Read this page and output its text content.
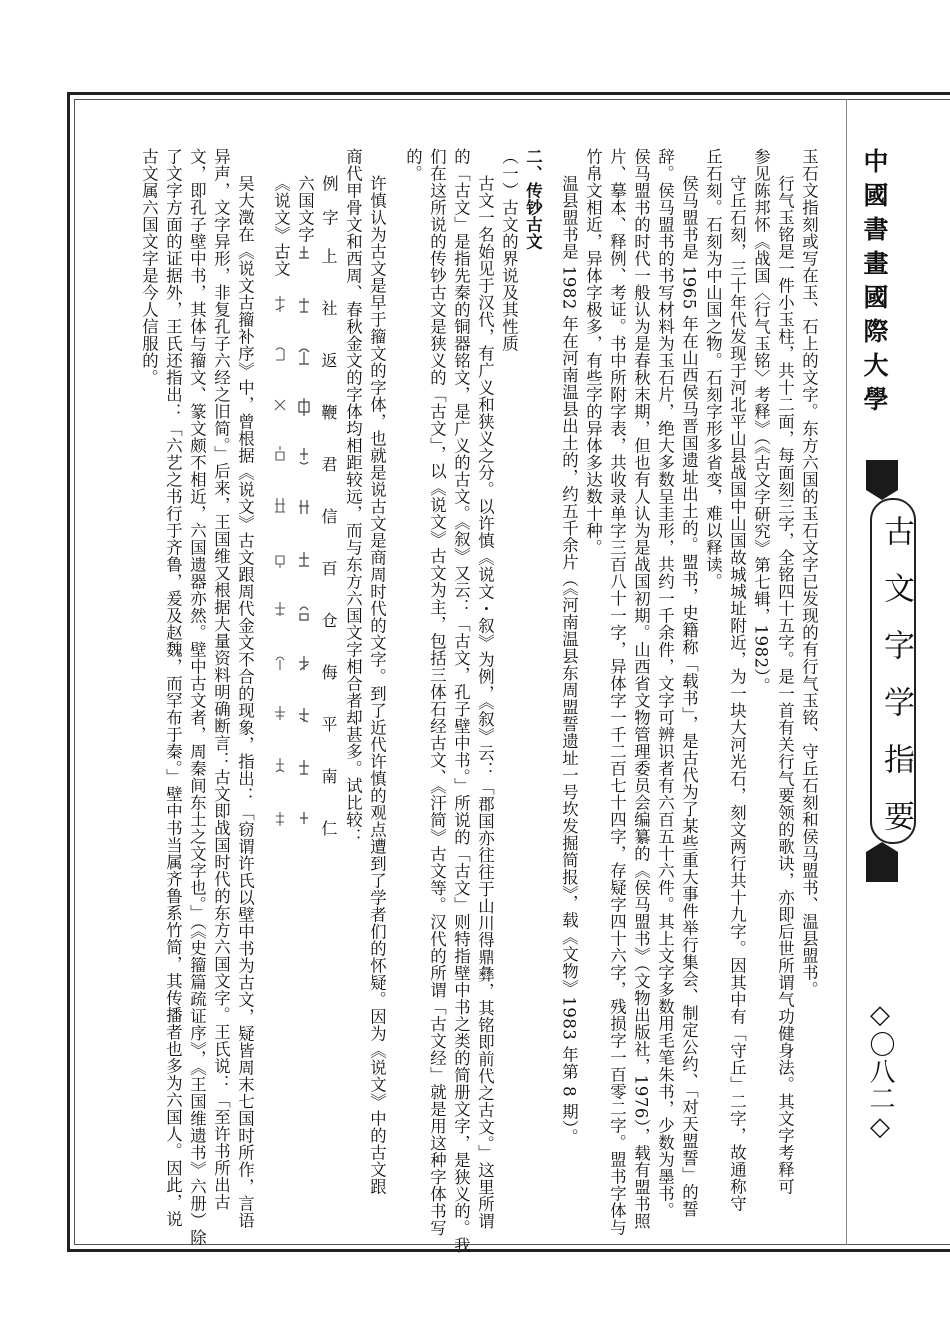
中國書畫國際大學
古文字学指要
◇〇八二◇
玉石文指刻或写在玉、石上的文字。东方六国的玉石文字已发现的有行气玉铭、守丘石刻和侯马盟书、温县盟书。
行气玉铭是一件小玉柱，共十二面，每面刻三字，全铭四十五字。是一首有关行气要领的歌诀，亦即后世所谓气功健身法。其文字考释可
参见陈邦怀《战国〈行气玉铭〉考释》（《古文字研究》第七辑，1982）。
守丘石刻，三十年代发现于河北平山县战国中山国故城城址附近，为一块大河光石，刻文两行共十九字。因其中有「守丘」二字，故通称守
丘石刻。石刻为中山国之物。石刻字形多省变，难以释读。
侯马盟书是 1965 年在山西侯马晋国遗址出土的。盟书，史籍称「载书」，是古代为了某些重大事件举行集会、制定公约、「对天盟誓」的誓
辞。侯马盟书的书写材料为玉石片，绝大多数呈圭形，共约一千余件，文字可辨识者有六百五十六件。其上文字多数用毛笔朱书，少数为墨书。
侯马盟书的时代一般认为是春秋末期，但也有人认为是战国初期。山西省文物管理委员会编纂的《侯马盟书》（文物出版社，1976），载有盟书照
片、摹本、释例、考证。书中所附字表，共收录单字三百八十一字，异体字一千二百七十四字，存疑字四十六字，残损字一百零二字。盟书字体与
竹帛文相近，异体字极多，有些字的异体多达数十种。
温县盟书是 1982 年在河南温县出土的，约五千余片（《河南温县东周盟誓遗址一号坎发掘简报》，载《文物》1983 年第 8 期）。
二、传钞古文
（一）古文的界说及其性质
古文一名始见于汉代，有广义和狭义之分。以许慎《说文・叙》为例，《叙》云：「郡国亦往往于山川得鼎彝，其铭即前代之古文。」这里所谓
的「古文」是指先秦的铜器铭文，是广义的古文。《叙》又云：「古文，孔子壁中书。」所说的「古文」则特指壁中书之类的简册文字，是狭义的。我
们在这所说的传钞古文是狭义的「古文」，以《说文》古文为主，包括三体石经古文、《汗简》古文等。汉代的所谓「古文经」就是用这种字体书写
的。
许慎认为古文是早于籀文的字体，也就是说古文是商周时代的文字。到了近代许慎的观点遭到了学者们的怀疑。因为《说文》中的古文跟
商代甲骨文和西周、春秋金文的字体均相距较远，而与东方六国文字相合者却甚多。试比较：
例　字
六国文字
《说文》古文 上
社
返
鞭
君
信
百
仓
侮
平
南
仁
吴大澂在《说文古籀补序》中，曾根据《说文》古文跟周代金文不合的现象，指出：「窃谓许氏以壁中书为古文，疑皆周末七国时所作，言语
异声，文字异形，非复孔子六经之旧简。」后来，王国维又根据大量资料明确断言：古文即战国时代的东方六国文字。王氏说：「至许书所出古
文，即孔子壁中书，其体与籀文、篆文颇不相近，六国遗器亦然。壁中古文者，周秦间东土之文字也。」（《史籀篇疏证序》，《王国维遗书》六册）除
了文字方面的证据外，王氏还指出：「六艺之书行于齐鲁，爰及赵魏，而罕布于秦。」壁中书当属齐鲁系竹简，其传播者也多为六国人。因此，说
古文属六国文字是今人信服的。
